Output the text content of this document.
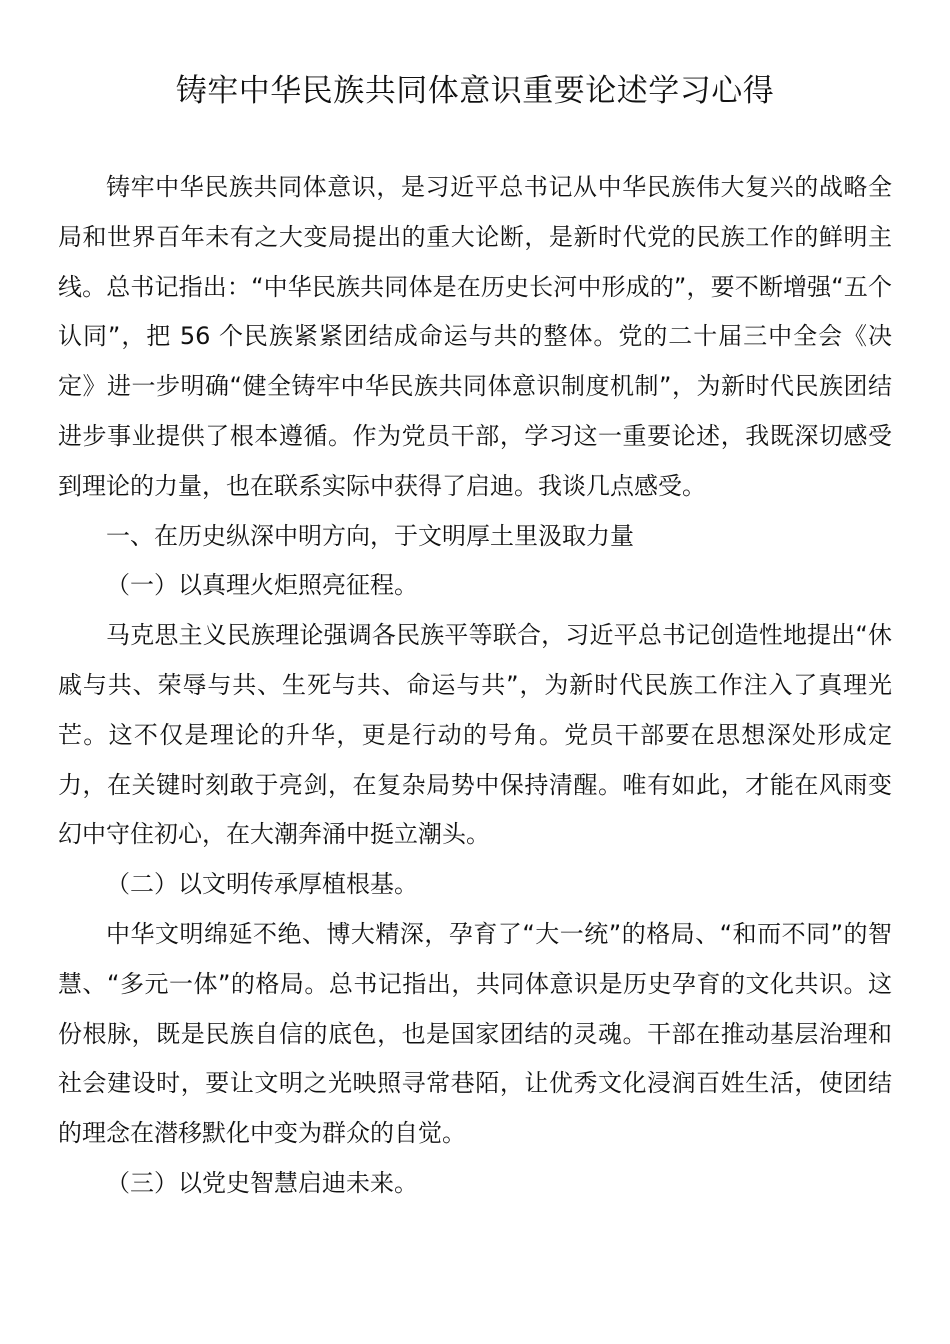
铸牢中华民族共同体意识重要论述学习心得

铸牢中华民族共同体意识，是习近平总书记从中华民族伟大复兴的战略全局和世界百年未有之大变局提出的重大论断，是新时代党的民族工作的鲜明主线。总书记指出：“中华民族共同体是在历史长河中形成的”，要不断增强“五个认同”，把 56 个民族紧紧团结成命运与共的整体。党的二十届三中全会《决定》进一步明确“健全铸牢中华民族共同体意识制度机制”，为新时代民族团结进步事业提供了根本遵循。作为党员干部，学习这一重要论述，我既深切感受到理论的力量，也在联系实际中获得了启迪。我谈几点感受。

一、在历史纵深中明方向，于文明厚土里汲取力量

（一）以真理火炬照亮征程。

马克思主义民族理论强调各民族平等联合，习近平总书记创造性地提出“休戚与共、荣辱与共、生死与共、命运与共”，为新时代民族工作注入了真理光芒。这不仅是理论的升华，更是行动的号角。党员干部要在思想深处形成定力，在关键时刻敢于亮剑，在复杂局势中保持清醒。唯有如此，才能在风雨变幻中守住初心，在大潮奔涌中挺立潮头。

（二）以文明传承厚植根基。

中华文明绵延不绝、博大精深，孕育了“大一统”的格局、“和而不同”的智慧、“多元一体”的格局。总书记指出，共同体意识是历史孕育的文化共识。这份根脉，既是民族自信的底色，也是国家团结的灵魂。干部在推动基层治理和社会建设时，要让文明之光映照寻常巷陌，让优秀文化浸润百姓生活，使团结的理念在潜移默化中变为群众的自觉。

（三）以党史智慧启迪未来。
